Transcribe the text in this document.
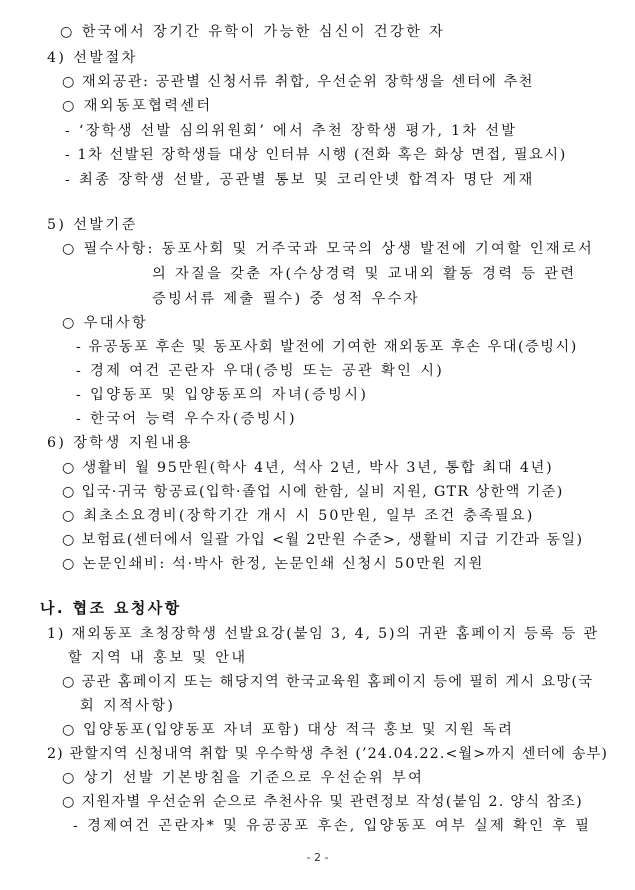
○ 한국에서 장기간 유학이 가능한 심신이 건강한 자
4) 선발절차
○ 재외공관: 공관별 신청서류 취합, 우선순위 장학생을 센터에 추천
○ 재외동포협력센터
- ‘장학생 선발 심의위원회’ 에서 추천 장학생 평가, 1차 선발
- 1차 선발된 장학생들 대상 인터뷰 시행 (전화 혹은 화상 면접, 필요시)
- 최종 장학생 선발, 공관별 통보 및 코리안넷 합격자 명단 게재
5) 선발기준
○ 필수사항: 동포사회 및 거주국과 모국의 상생 발전에 기여할 인재로서
의 자질을 갖춘 자(수상경력 및 교내외 활동 경력 등 관련
증빙서류 제출 필수) 중 성적 우수자
○ 우대사항
- 유공동포 후손 및 동포사회 발전에 기여한 재외동포 후손 우대(증빙시)
- 경제 여건 곤란자 우대(증빙 또는 공관 확인 시)
- 입양동포 및 입양동포의 자녀(증빙시)
- 한국어 능력 우수자(증빙시)
6) 장학생 지원내용
○ 생활비 월 95만원(학사 4년, 석사 2년, 박사 3년, 통합 최대 4년)
○ 입국·귀국 항공료(입학·졸업 시에 한함, 실비 지원, GTR 상한액 기준)
○ 최초소요경비(장학기간 개시 시 50만원, 일부 조건 충족필요)
○ 보험료(센터에서 일괄 가입 <월 2만원 수준>, 생활비 지급 기간과 동일)
○ 논문인쇄비: 석·박사 한정, 논문인쇄 신청시 50만원 지원
나. 협조 요청사항
1) 재외동포 초청장학생 선발요강(붙임 3, 4, 5)의 귀관 홈페이지 등록 등 관
할 지역 내 홍보 및 안내
○ 공관 홈페이지 또는 해당지역 한국교육원 홈페이지 등에 필히 게시 요망(국
회 지적사항)
○ 입양동포(입양동포 자녀 포함) 대상 적극 홍보 및 지원 독려
2) 관할지역 신청내역 취합 및 우수학생 추천 (’24.04.22.<월>까지 센터에 송부)
○ 상기 선발 기본방침을 기준으로 우선순위 부여
○ 지원자별 우선순위 순으로 추천사유 및 관련정보 작성(붙임 2. 양식 참조)
- 경제여건 곤란자* 및 유공공포 후손, 입양동포 여부 실제 확인 후 필
- 2 -
